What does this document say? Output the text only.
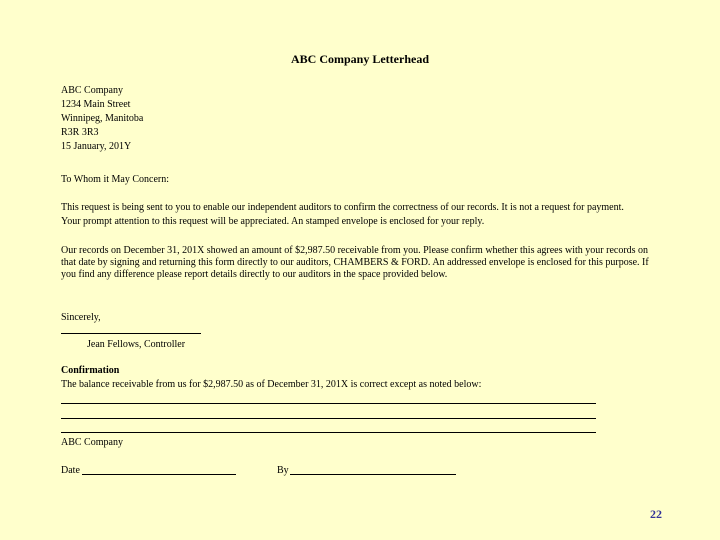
ABC Company Letterhead
ABC Company
1234 Main Street
Winnipeg, Manitoba
R3R 3R3
15 January, 201Y
To Whom it May Concern:
This request is being sent to you to enable our independent auditors to confirm the correctness of our records. It is not a request for payment.
Your prompt attention to this request will be appreciated. An stamped envelope is enclosed for your reply.
Our records on December 31, 201X showed an amount of $2,987.50 receivable from you. Please confirm whether this agrees with your records on
that date by signing and returning this form directly to our auditors, CHAMBERS & FORD. An addressed envelope is enclosed for this purpose. If
you find any difference please report details directly to our auditors in the space provided below.
Sincerely,
Jean Fellows, Controller
Confirmation
The balance receivable from us for $2,987.50 as of December 31, 201X is correct except as noted below:
ABC Company
Date	By
22
